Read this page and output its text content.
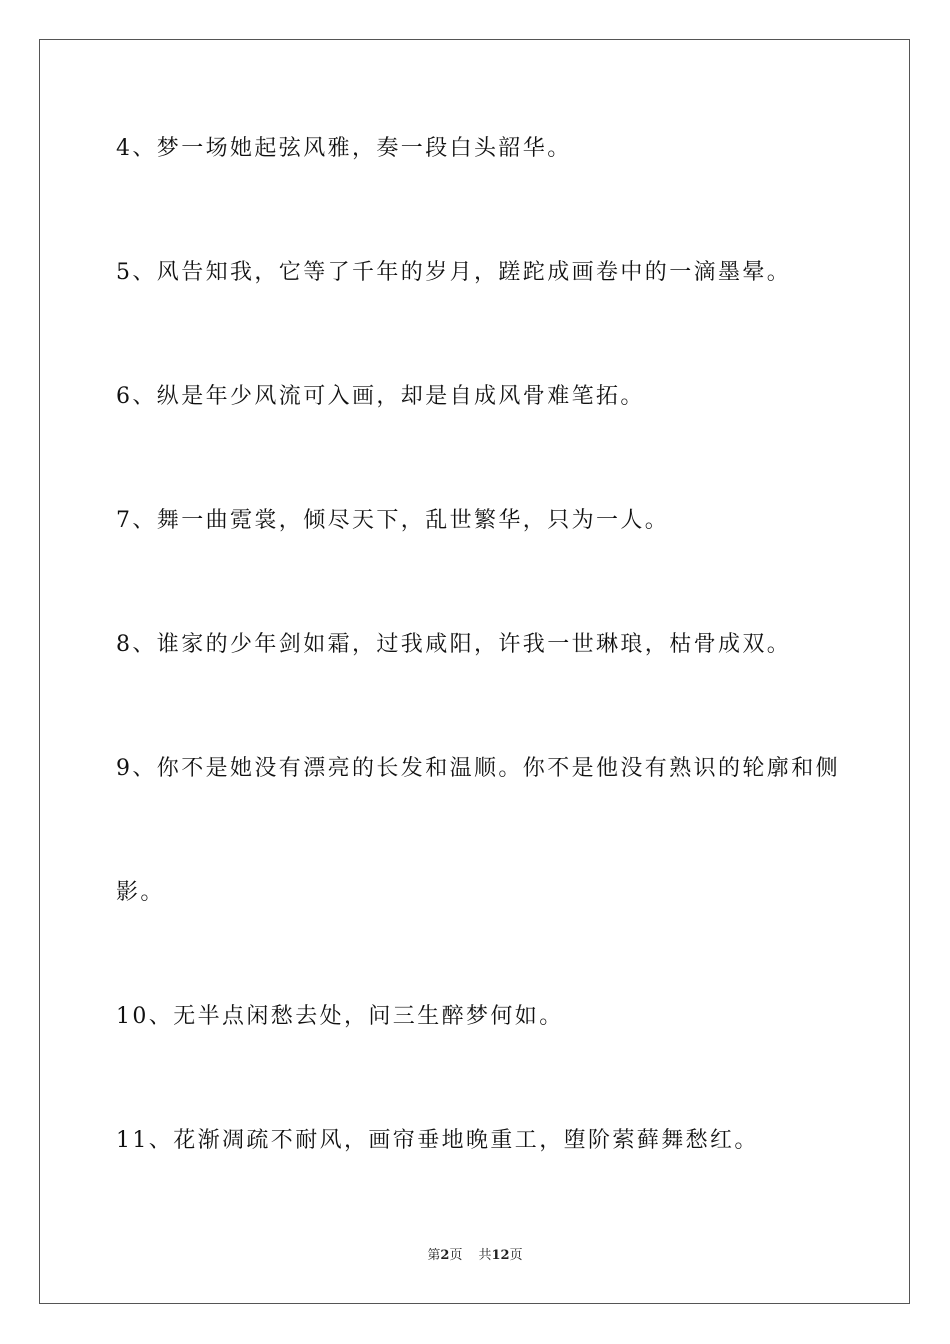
4、梦一场她起弦风雅，奏一段白头韶华。

5、风告知我，它等了千年的岁月，蹉跎成画卷中的一滴墨晕。

6、纵是年少风流可入画，却是自成风骨难笔拓。

7、舞一曲霓裳，倾尽天下，乱世繁华，只为一人。

8、谁家的少年剑如霜，过我咸阳，许我一世琳琅，枯骨成双。

9、你不是她没有漂亮的长发和温顺。你不是他没有熟识的轮廓和侧

影。

10、无半点闲愁去处，问三生醉梦何如。

11、花渐凋疏不耐风，画帘垂地晚重工，堕阶萦藓舞愁红。

第2页 共12页
